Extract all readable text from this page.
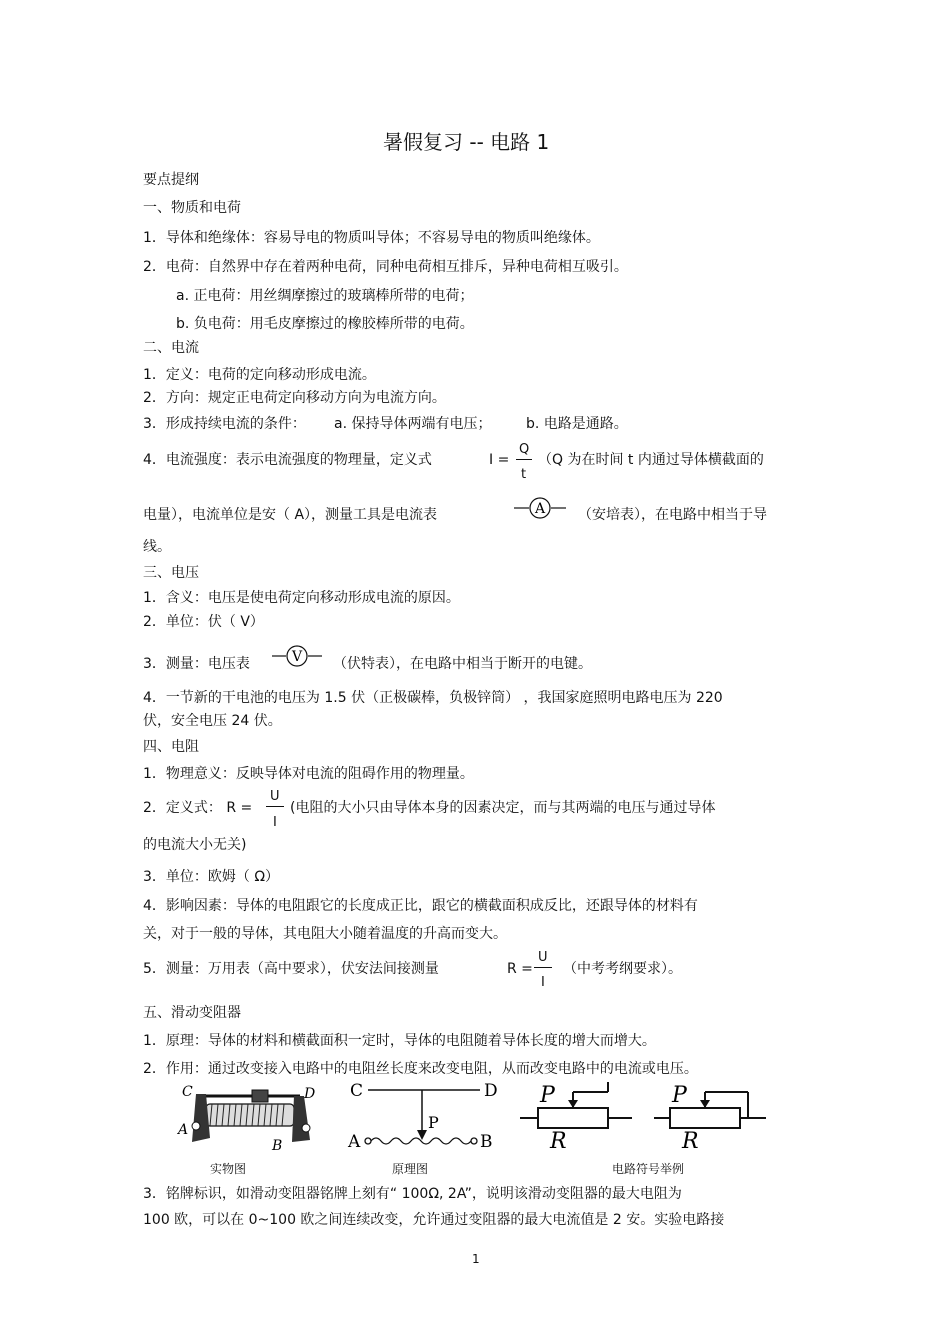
暑假复习 -- 电路 1
要点提纲
一、物质和电荷
1．导体和绝缘体：容易导电的物质叫导体；不容易导电的物质叫绝缘体。
2．电荷：自然界中存在着两种电荷，同种电荷相互排斥，异种电荷相互吸引。
a. 正电荷：用丝绸摩擦过的玻璃棒所带的电荷；
b. 负电荷：用毛皮摩擦过的橡胶棒所带的电荷。
二、电流
1．定义：电荷的定向移动形成电流。
2．方向：规定正电荷定向移动方向为电流方向。
3．形成持续电流的条件： a. 保持导体两端有电压； b. 电路是通路。
4．电流强度：表示电流强度的物理量，定义式	I =
Q
t
（Q 为在时间 t 内通过导体横截面的
电量），电流单位是安（ A），测量工具是电流表	A （安培表），在电路中相当于导
线。
三、电压
1．含义：电压是使电荷定向移动形成电流的原因。
2．单位：伏（ V）
3．测量：电压表	V （伏特表），在电路中相当于断开的电键。
4．一节新的干电池的电压为 1.5 伏（正极碳棒，负极锌筒） ，我国家庭照明电路电压为 220
伏，安全电压 24 伏。
四、电阻
1．物理意义：反映导体对电流的阻碍作用的物理量。
2．定义式： R =
U
I
(电阻的大小只由导体本身的因素决定，而与其两端的电压与通过导体
的电流大小无关)
3．单位：欧姆（ Ω）
4．影响因素：导体的电阻跟它的长度成正比，跟它的横截面积成反比，还跟导体的材料有
关，对于一般的导体，其电阻大小随着温度的升高而变大。
5．测量：万用表（高中要求），伏安法间接测量	R =
U
I
（中考考纲要求）。
五、滑动变阻器
1．原理：导体的材料和横截面积一定时，导体的电阻随着导体长度的增大而增大。
2．作用：通过改变接入电路中的电阻丝长度来改变电阻，从而改变电路中的电流或电压。
C	D
A
B
C	D
P
A	B
P
R
P
R
实物图	原理图	电路符号举例
3．铭牌标识，如滑动变阻器铭牌上刻有“ 100Ω, 2A”，说明该滑动变阻器的最大电阻为
100 欧，可以在 0~100 欧之间连续改变，允许通过变阻器的最大电流值是 2 安。实验电路接
1
